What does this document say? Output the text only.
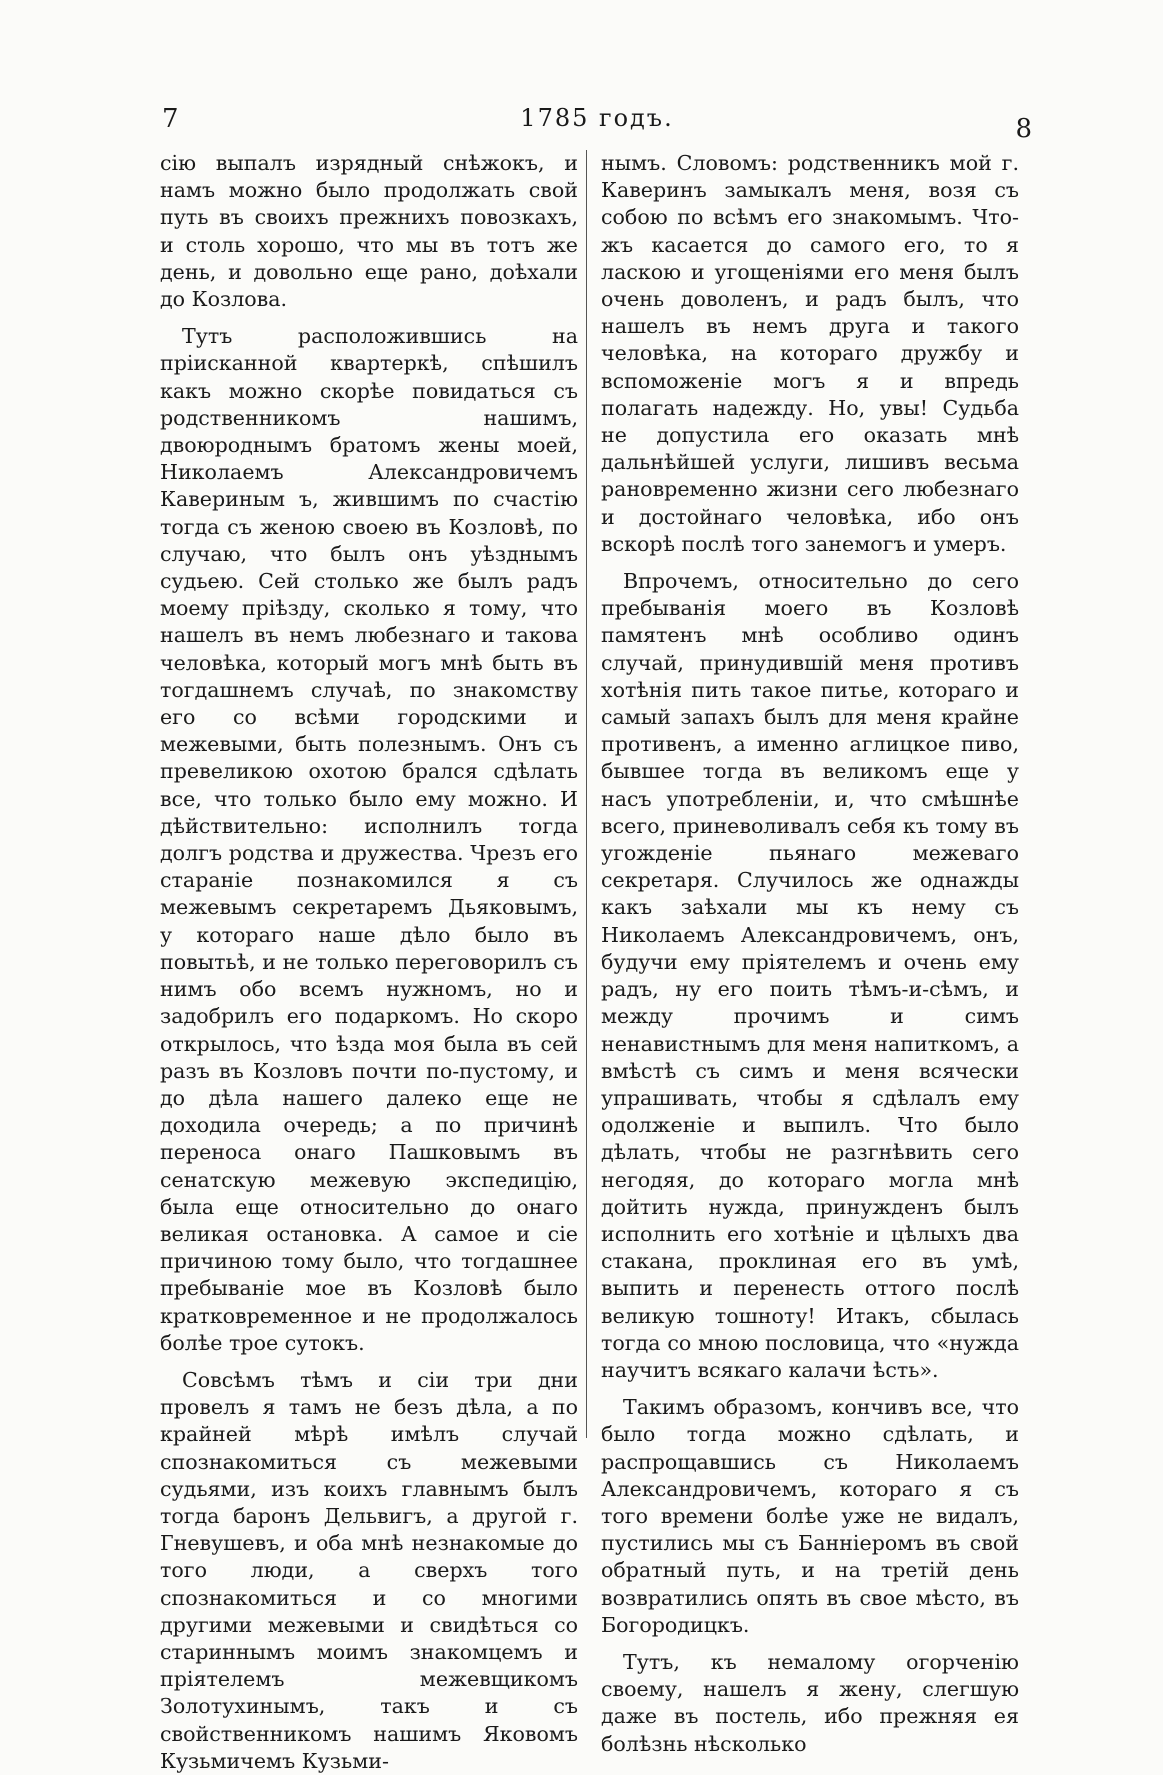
7	1785 годъ.	8

сiю выпалъ изрядный снѣжокъ, и намъ можно было продолжать свой путь въ своихъ прежнихъ повозкахъ, и столь хорошо, что мы въ тотъ же день, и довольно еще рано, доѣхали до Козлова.

Тутъ расположившись на прiисканной квартеркѣ, спѣшилъ какъ можно скорѣе повидаться съ родственникомъ нашимъ, двоюроднымъ братомъ жены моей, Николаемъ Александровичемъ Кавериным ъ, жившимъ по счастiю тогда съ женою своею въ Козловѣ, по случаю, что былъ онъ уѣзднымъ судьею. Сей столько же былъ радъ моему прiѣзду, сколько я тому, что нашелъ въ немъ любезнаго и такова человѣка, который могъ мнѣ быть въ тогдашнемъ случаѣ, по знакомству его со всѣми городскими и межевыми, быть полезнымъ. Онъ съ превеликою охотою брался сдѣлать все, что только было ему можно. И дѣйствительно: исполнилъ тогда долгъ родства и дружества. Чрезъ его старанiе познакомился я съ межевымъ секретаремъ Дьяковымъ, у котораго наше дѣло было въ повытьѣ, и не только переговорилъ съ нимъ обо всемъ нужномъ, но и задобрилъ его подаркомъ. Но скоро открылось, что ѣзда моя была въ сей разъ въ Козловъ почти по-пустому, и до дѣла нашего далеко еще не доходила очередь; а по причинѣ переноса онаго Пашковымъ въ сенатскую межевую экспедицiю, была еще относительно до онаго великая остановка. А самое и сiе причиною тому было, что тогдашнее пребыванiе мое въ Козловѣ было кратковременное и не продолжалось болѣе трое сутокъ.

Совсѣмъ тѣмъ и сiи три дни провелъ я тамъ не безъ дѣла, а по крайней мѣрѣ имѣлъ случай спознакомиться съ межевыми судьями, изъ коихъ главнымъ былъ тогда баронъ Дельвигъ, а другой г. Гневушевъ, и оба мнѣ незнакомые до того люди, а сверхъ того спознакомиться и со многими другими межевыми и свидѣться со стариннымъ моимъ знакомцемъ и прiятелемъ межевщикомъ Золотухинымъ, такъ и съ свойственникомъ нашимъ Яковомъ Кузьмичемъ Кузьми-

нымъ. Словомъ: родственникъ мой г. Каверинъ замыкалъ меня, возя съ собою по всѣмъ его знакомымъ. Что-жъ касается до самого его, то я ласкою и угощенiями его меня былъ очень доволенъ, и радъ былъ, что нашелъ въ немъ друга и такого человѣка, на котораго дружбу и вспоможенiе могъ я и впредь полагать надежду. Но, увы! Судьба не допустила его оказать мнѣ дальнѣйшей услуги, лишивъ весьма рановременно жизни сего любезнаго и достойнаго человѣка, ибо онъ вскорѣ послѣ того занемогъ и умеръ.

Впрочемъ, относительно до сего пребыванiя моего въ Козловѣ памятенъ мнѣ особливо одинъ случай, принудившiй меня противъ хотѣнiя пить такое питье, котораго и самый запахъ былъ для меня крайне противенъ, а именно аглицкое пиво, бывшее тогда въ великомъ еще у насъ употребленiи, и, что смѣшнѣе всего, приневоливалъ себя къ тому въ угожденiе пьянаго межеваго секретаря. Случилось же однажды какъ заѣхали мы къ нему съ Николаемъ Александровичемъ, онъ, будучи ему прiятелемъ и очень ему радъ, ну его поить тѣмъ-и-сѣмъ, и между прочимъ и симъ ненавистнымъ для меня напиткомъ, а вмѣстѣ съ симъ и меня всячески упрашивать, чтобы я сдѣлалъ ему одолженiе и выпилъ. Что было дѣлать, чтобы не разгнѣвить сего негодяя, до котораго могла мнѣ дойтить нужда, принужденъ былъ исполнить его хотѣнiе и цѣлыхъ два стакана, проклиная его въ умѣ, выпить и перенесть оттого послѣ великую тошноту! Итакъ, сбылась тогда со мною пословица, что «нужда научитъ всякаго калачи ѣсть».

Такимъ образомъ, кончивъ все, что было тогда можно сдѣлать, и распрощавшись съ Николаемъ Александровичемъ, котораго я съ того времени болѣе уже не видалъ, пустились мы съ Баннiеромъ въ свой обратный путь, и на третiй день возвратились опять въ свое мѣсто, въ Богородицкъ.

Тутъ, къ немалому огорченiю своему, нашелъ я жену, слегшую даже въ постель, ибо прежняя ея болѣзнь нѣсколько
